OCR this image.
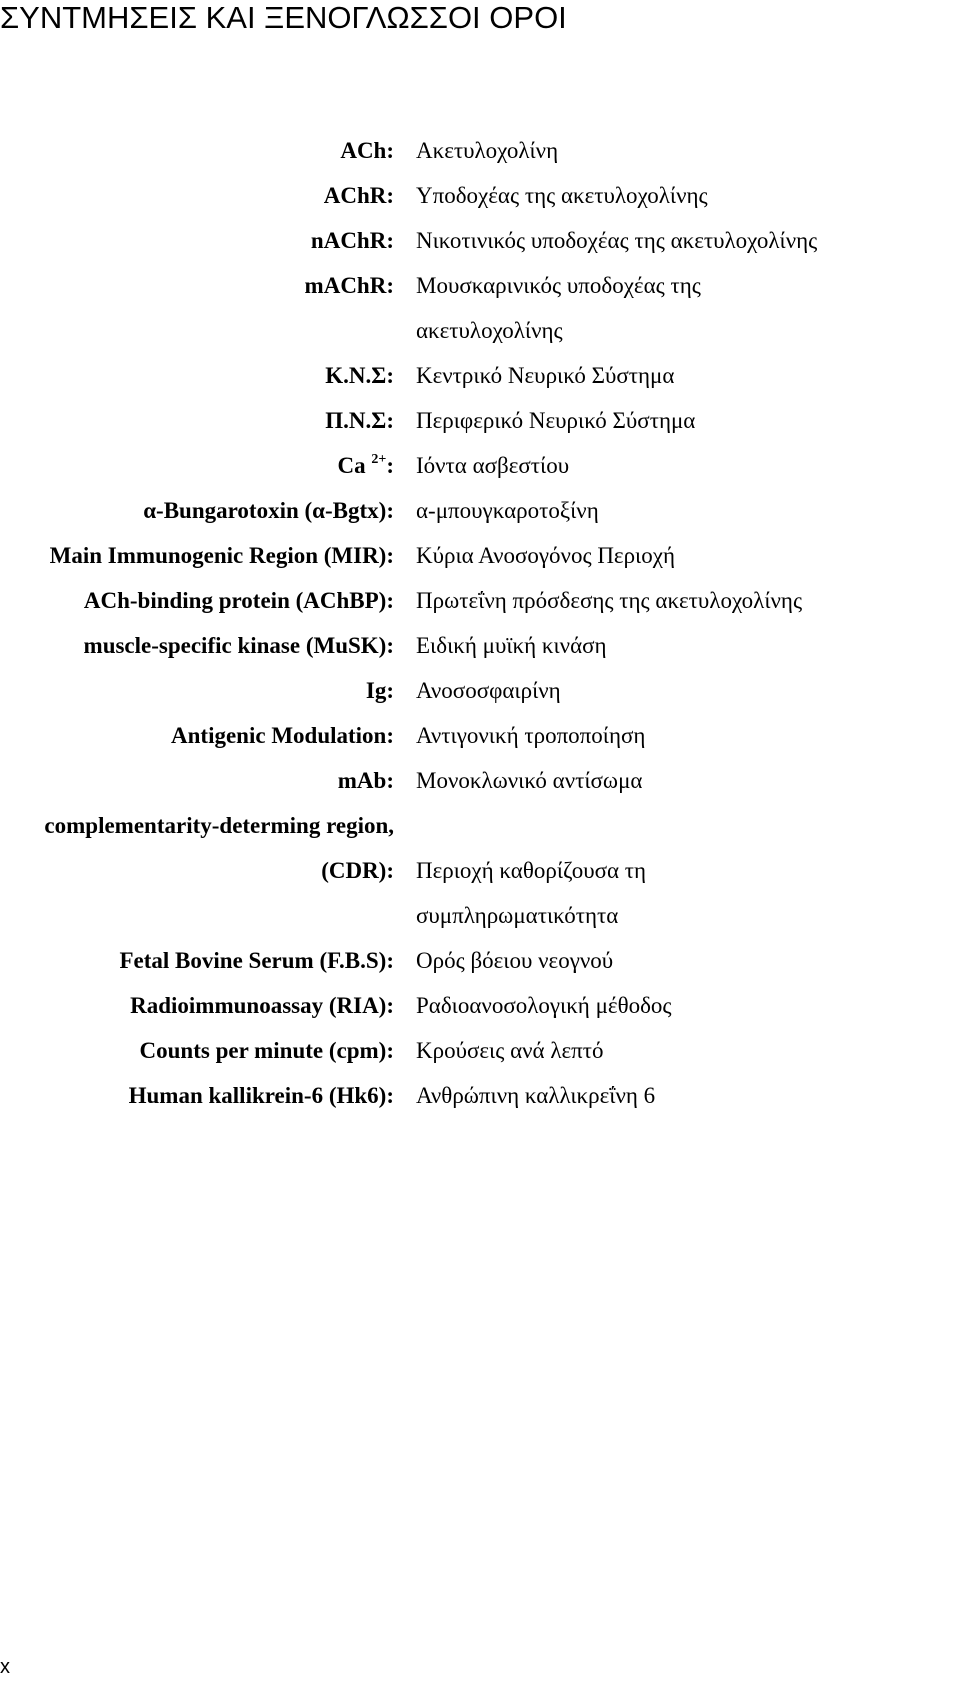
ΣΥΝΤΜΗΣΕΙΣ ΚΑΙ ΞΕΝΟΓΛΩΣΣΟΙ ΟΡΟΙ
ACh:	Ακετυλοχολίνη
AChR:	Υποδοχέας της ακετυλοχολίνης
nAChR:	Νικοτινικός υποδοχέας της ακετυλοχολίνης
mAChR:	Μουσκαρινικός υποδοχέας της
	ακετυλοχολίνης
Κ.Ν.Σ:	Κεντρικό Νευρικό Σύστημα
Π.Ν.Σ:	Περιφερικό Νευρικό Σύστημα
Ca $^{2+}$:	Ιόντα ασβεστίου
α-Bungarotoxin (α-Bgtx):	α-μπουγκαροτοξίνη
Main Immunogenic Region (MIR):	Κύρια Ανοσογόνος Περιοχή
ACh-binding protein (AChBP):	Πρωτεΐνη πρόσδεσης της ακετυλοχολίνης
muscle-specific kinase (MuSK):	Ειδική μυϊκή κινάση
Ig:	Ανοσοσφαιρίνη
Antigenic Modulation:	Αντιγονική τροποποίηση
mAb:	Μονοκλωνικό αντίσωμα
complementarity-determing region,	
(CDR):	Περιοχή καθορίζουσα τη
	συμπληρωματικότητα
Fetal Bovine Serum (F.B.S):	Ορός βόειου νεογνού
Radioimmunoassay (RIA):	Ραδιοανοσολογική μέθοδος
Counts per minute (cpm):	Κρούσεις ανά λεπτό
Human kallikrein-6 (Hk6):	Ανθρώπινη καλλικρεΐνη 6
x
